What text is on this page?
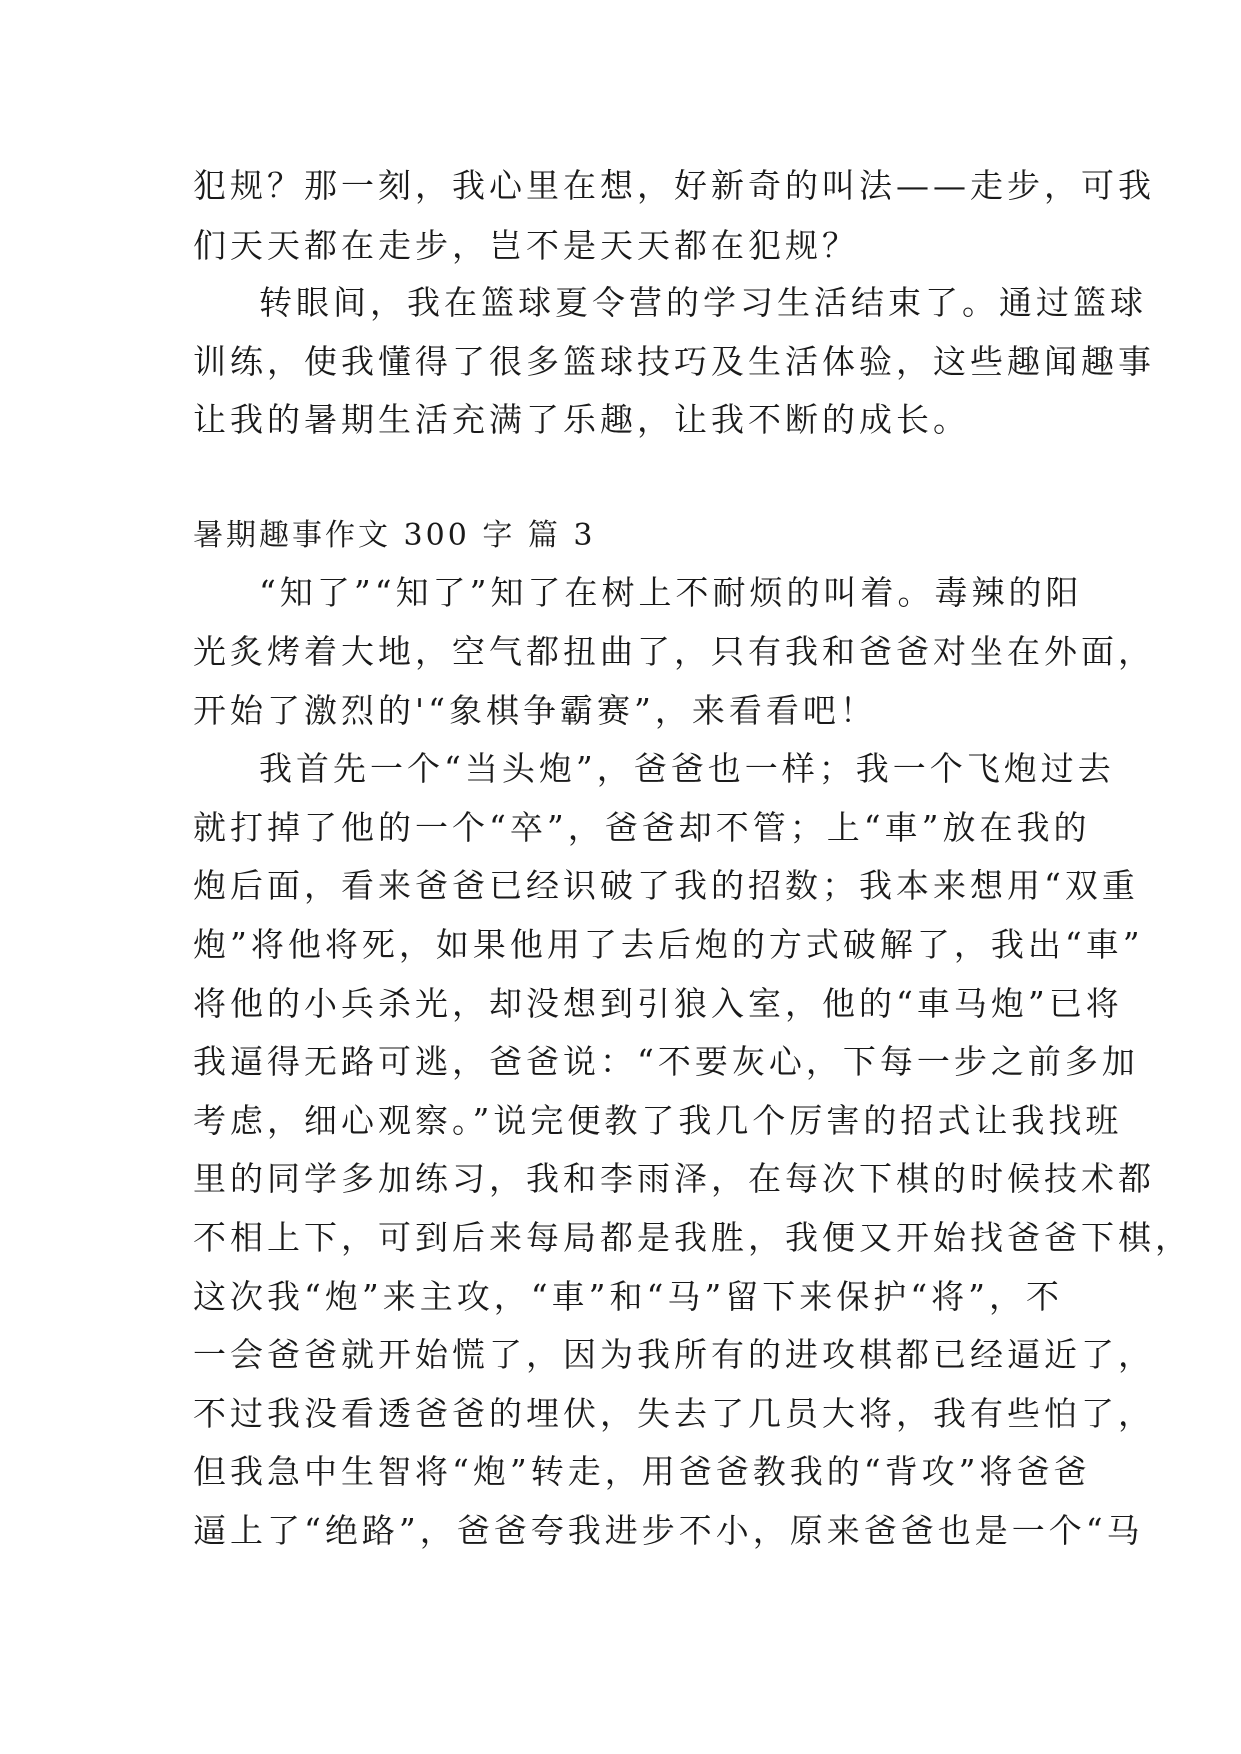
犯规？那一刻，我心里在想，好新奇的叫法——走步，可我
们天天都在走步，岂不是天天都在犯规？
转眼间，我在篮球夏令营的学习生活结束了。通过篮球
训练，使我懂得了很多篮球技巧及生活体验，这些趣闻趣事
让我的暑期生活充满了乐趣，让我不断的成长。
暑期趣事作文 300 字 篇 3
“知了”“知了”知了在树上不耐烦的叫着。毒辣的阳
光炙烤着大地，空气都扭曲了，只有我和爸爸对坐在外面，
开始了激烈的'“象棋争霸赛”，来看看吧！
我首先一个“当头炮”，爸爸也一样；我一个飞炮过去
就打掉了他的一个“卒”，爸爸却不管；上“車”放在我的
炮后面，看来爸爸已经识破了我的招数；我本来想用“双重
炮”将他将死，如果他用了去后炮的方式破解了，我出“車”
将他的小兵杀光，却没想到引狼入室，他的“車马炮”已将
我逼得无路可逃，爸爸说：“不要灰心，下每一步之前多加
考虑，细心观察。”说完便教了我几个厉害的招式让我找班
里的同学多加练习，我和李雨泽，在每次下棋的时候技术都
不相上下，可到后来每局都是我胜，我便又开始找爸爸下棋，
这次我“炮”来主攻，“車”和“马”留下来保护“将”，不
一会爸爸就开始慌了，因为我所有的进攻棋都已经逼近了，
不过我没看透爸爸的埋伏，失去了几员大将，我有些怕了，
但我急中生智将“炮”转走，用爸爸教我的“背攻”将爸爸
逼上了“绝路”，爸爸夸我进步不小，原来爸爸也是一个“马
